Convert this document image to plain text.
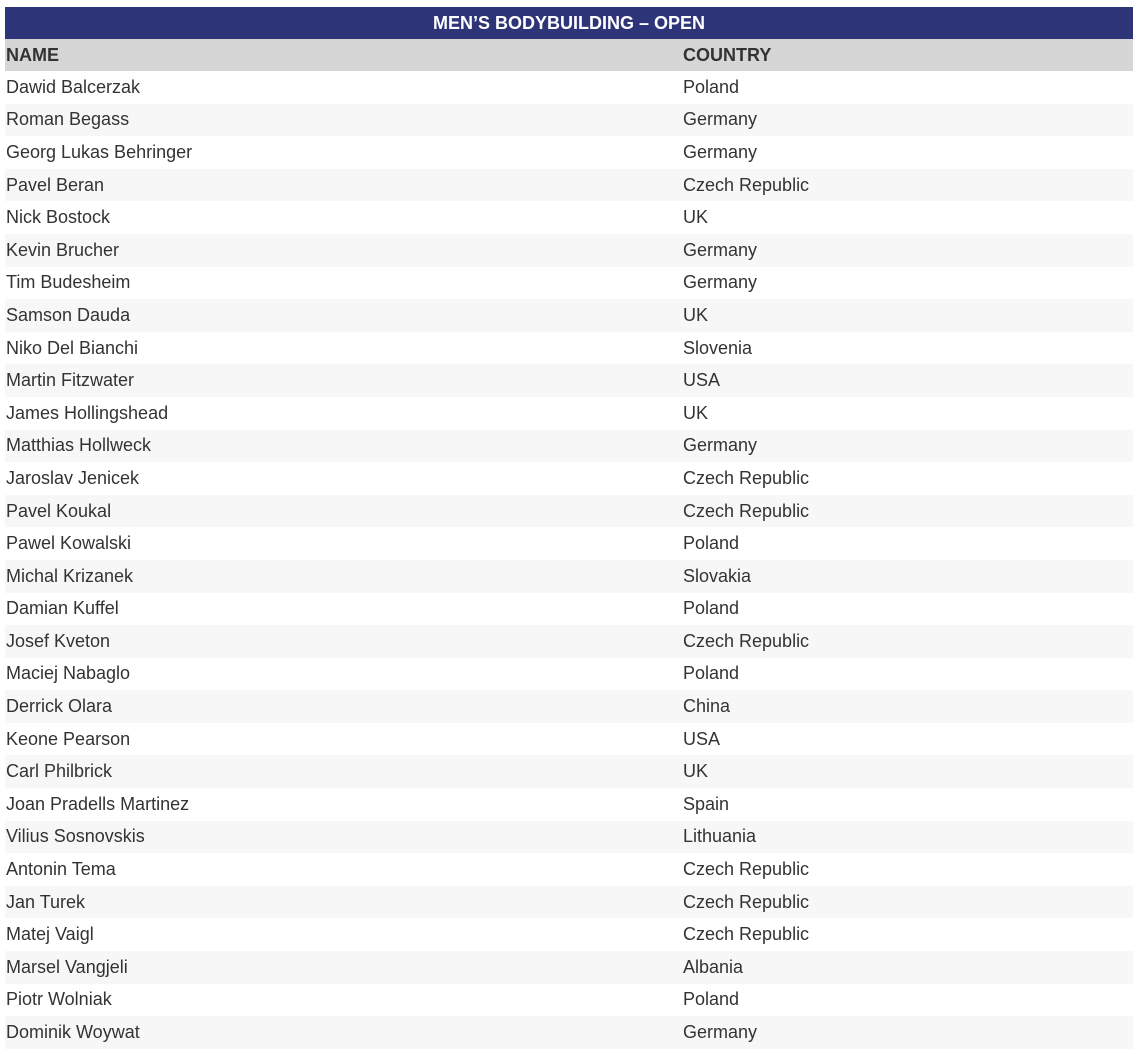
MEN’S BODYBUILDING – OPEN	
NAME	COUNTRY
Dawid Balcerzak	Poland
Roman Begass	Germany
Georg Lukas Behringer	Germany
Pavel Beran	Czech Republic
Nick Bostock	UK
Kevin Brucher	Germany
Tim Budesheim	Germany
Samson Dauda	UK
Niko Del Bianchi	Slovenia
Martin Fitzwater	USA
James Hollingshead	UK
Matthias Hollweck	Germany
Jaroslav Jenicek	Czech Republic
Pavel Koukal	Czech Republic
Pawel Kowalski	Poland
Michal Krizanek	Slovakia
Damian Kuffel	Poland
Josef Kveton	Czech Republic
Maciej Nabaglo	Poland
Derrick Olara	China
Keone Pearson	USA
Carl Philbrick	UK
Joan Pradells Martinez	Spain
Vilius Sosnovskis	Lithuania
Antonin Tema	Czech Republic
Jan Turek	Czech Republic
Matej Vaigl	Czech Republic
Marsel Vangjeli	Albania
Piotr Wolniak	Poland
Dominik Woywat	Germany
